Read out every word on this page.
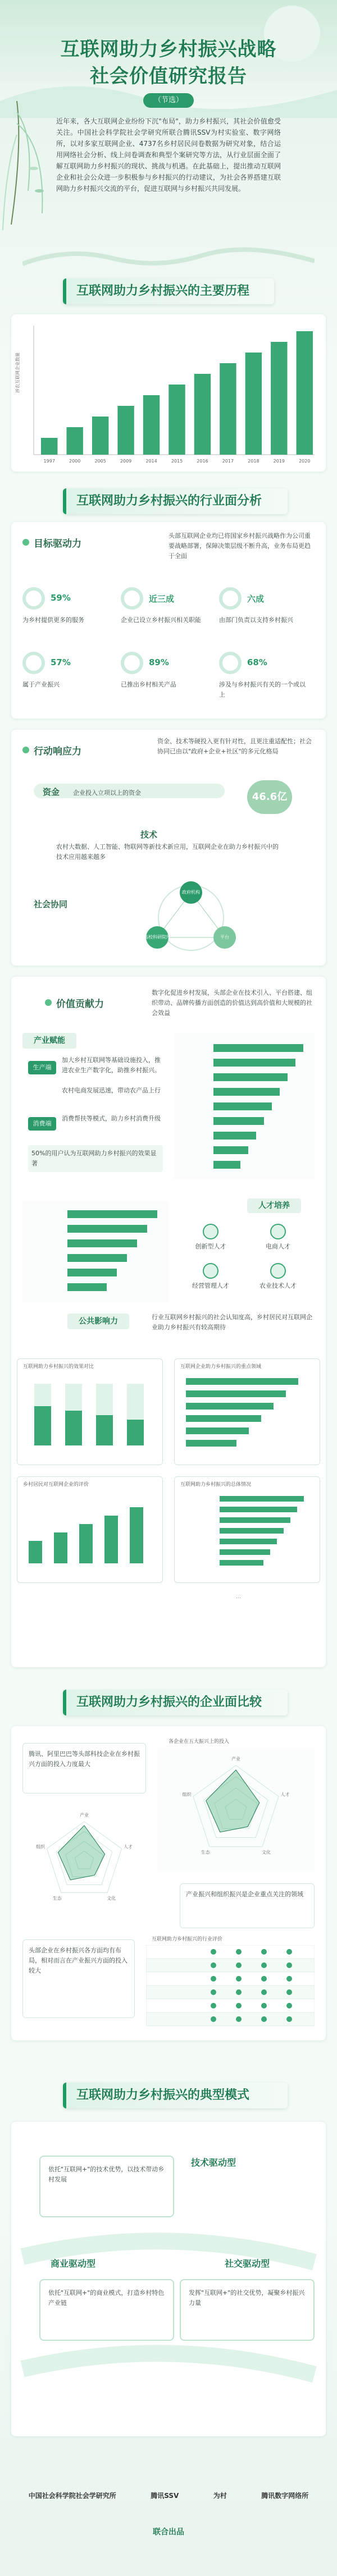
互联网助力乡村振兴战略
社会价值研究报告
（节选）
近年来，各大互联网企业纷纷下沉"布局"，助力乡村振兴，其社会价值愈受关注。中国社会科学院社会学研究所联合腾讯SSV为村实验室、数字网络所，以对多家互联网企业、4737名乡村居民问卷数据为研究对象，结合运用网络社会分析、线上问卷调查和典型个案研究等方法，从行业层面全面了解互联网助力乡村振兴的现状、挑战与机遇。在此基础上，提出推动互联网企业和社会公众进一步积极参与乡村振兴的行动建议，为社会各界搭建互联网助力乡村振兴交流的平台，促进互联网与乡村振兴共同发展。
互联网助力乡村振兴的主要历程
1997	2000	2005	2009	2014	2015	2016	2017	2018	2019	2020
涉农互联网企业数量
互联网助力乡村振兴的行业面分析
目标驱动力
头部互联网企业均已将国家乡村振兴战略作为公司重要战略部署，保障决策层级不断升高，业务布局更趋于全面
59%
为乡村提供更多的服务
近三成
企业已设立乡村振兴相关职能
六成
由部门负责以支持乡村振兴
57%
属于产业振兴
89%
已推出乡村相关产品
68%
涉及与乡村振兴有关的一个或以上
行动响应力
资金、技术等硬投入更有针对性，且更注重适配性；社会协同已由以"政府+企业+社区"的多元化格局
资金 企业投入立项以上的资金	46.6亿
技术
农村大数据、人工智能、物联网等新技术新应用，互联网企业在助力乡村振兴中的技术应用越来越多
社会协同
政府机构
高校科研院所	平台
价值贡献力
数字化促进乡村发展，头部企业在技术引入、平台搭建、组织带动、品牌传播方面创造的价值达到高价值和大规模的社会效益
产业赋能
生产端
加大乡村互联网等基础设施投入，推进农业生产数字化，助推乡村振兴。
农村电商发展迅速，带动农产品上行
消费端
消费帮扶等模式，助力乡村消费升级
50%的用户认为互联网助力乡村振兴的效果显著
人才培养
创新型人才	电商人才
经营管理人才	农业技术人才
公共影响力	行业互联网乡村振兴的社会认知度高，乡村居民对互联网企业助力乡村振兴有较高期待
互联网助力乡村振兴的效果对比	互联网企业助力乡村振兴的重点领域
乡村居民对互联网企业的评价	互联网助力乡村振兴的总体情况
…
互联网助力乡村振兴的企业面比较
腾讯、阿里巴巴等头部科技企业在乡村振兴方面的投入力度最大
各企业在五大振兴上的投入
产业
人才
文化
生态
组织
产业
人才
文化
生态
组织
产业振兴和组织振兴是企业重点关注的领域
头部企业在乡村振兴各方面均有布局，相对而言在产业振兴方面的投入较大
互联网助力乡村振兴的行业评价
互联网助力乡村振兴的典型模式
依托"互联网+"的技术优势，以技术带动乡村发展
技术驱动型
商业驱动型
依托"互联网+"的商业模式，打造乡村特色产业链
社交驱动型
发挥"互联网+"的社交优势，凝聚乡村振兴力量
中国社会科学院社会学研究所	腾讯SSV	为村	腾讯数字网络所
联合出品
